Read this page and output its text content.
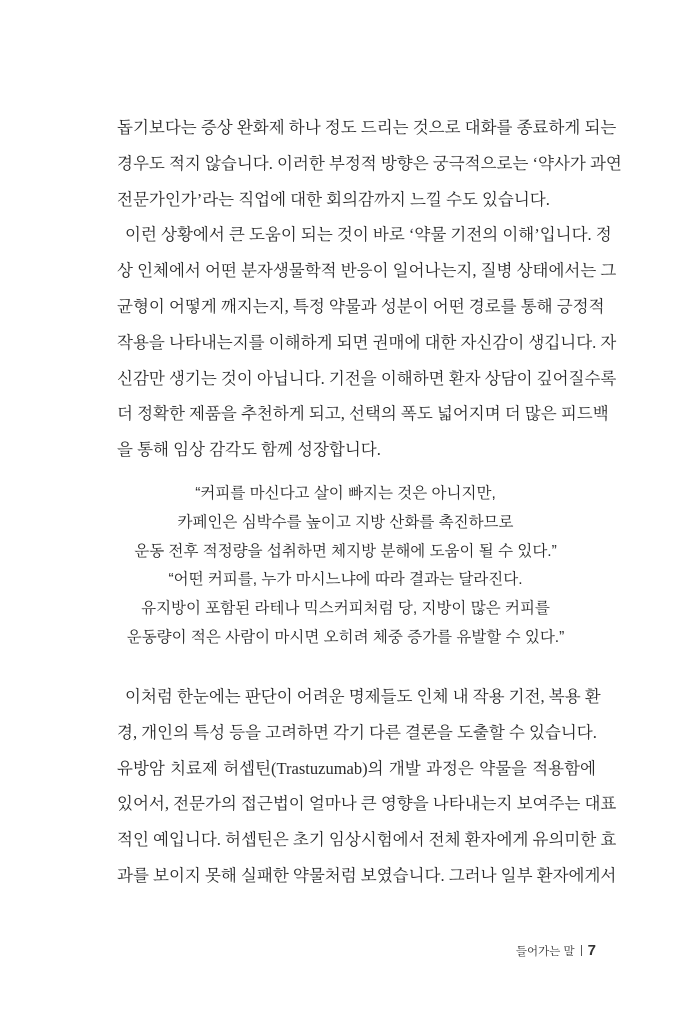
돕기보다는 증상 완화제 하나 정도 드리는 것으로 대화를 종료하게 되는
경우도 적지 않습니다. 이러한 부정적 방향은 궁극적으로는 ‘약사가 과연
전문가인가’라는 직업에 대한 회의감까지 느낄 수도 있습니다.
이런 상황에서 큰 도움이 되는 것이 바로 ‘약물 기전의 이해’입니다. 정
상 인체에서 어떤 분자생물학적 반응이 일어나는지, 질병 상태에서는 그
균형이 어떻게 깨지는지, 특정 약물과 성분이 어떤 경로를 통해 긍정적
작용을 나타내는지를 이해하게 되면 권매에 대한 자신감이 생깁니다. 자
신감만 생기는 것이 아닙니다. 기전을 이해하면 환자 상담이 깊어질수록
더 정확한 제품을 추천하게 되고, 선택의 폭도 넓어지며 더 많은 피드백
을 통해 임상 감각도 함께 성장합니다.
“커피를 마신다고 살이 빠지는 것은 아니지만,
카페인은 심박수를 높이고 지방 산화를 촉진하므로
운동 전후 적정량을 섭취하면 체지방 분해에 도움이 될 수 있다.”
“어떤 커피를, 누가 마시느냐에 따라 결과는 달라진다.
유지방이 포함된 라테나 믹스커피처럼 당, 지방이 많은 커피를
운동량이 적은 사람이 마시면 오히려 체중 증가를 유발할 수 있다.”
이처럼 한눈에는 판단이 어려운 명제들도 인체 내 작용 기전, 복용 환
경, 개인의 특성 등을 고려하면 각기 다른 결론을 도출할 수 있습니다.
유방암 치료제 허셉틴(Trastuzumab)의 개발 과정은 약물을 적용함에
있어서, 전문가의 접근법이 얼마나 큰 영향을 나타내는지 보여주는 대표
적인 예입니다. 허셉틴은 초기 임상시험에서 전체 환자에게 유의미한 효
과를 보이지 못해 실패한 약물처럼 보였습니다. 그러나 일부 환자에게서
들어가는 말 7
